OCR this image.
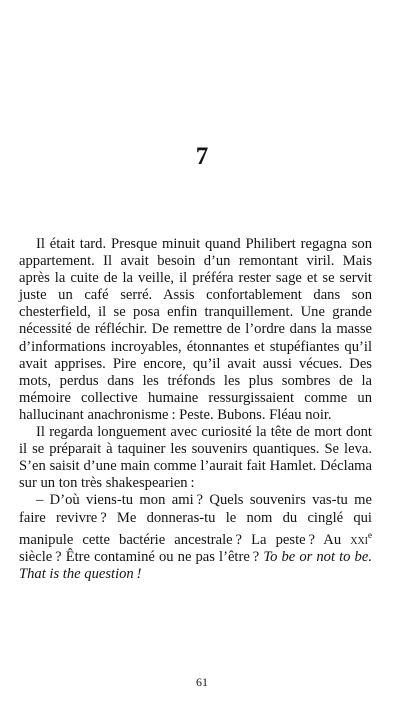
7

Il était tard. Presque minuit quand Philibert regagna son appartement. Il avait besoin d’un remontant viril. Mais après la cuite de la veille, il préféra rester sage et se servit juste un café serré. Assis confortablement dans son chesterfield, il se posa enfin tranquillement. Une grande nécessité de réfléchir. De remettre de l’ordre dans la masse d’informations incroyables, étonnantes et stupéfiantes qu’il avait apprises. Pire encore, qu’il avait aussi vécues. Des mots, perdus dans les tréfonds les plus sombres de la mémoire collective humaine ressurgissaient comme un hallucinant anachronisme : Peste. Bubons. Fléau noir.

Il regarda longuement avec curiosité la tête de mort dont il se préparait à taquiner les souvenirs quantiques. Se leva. S’en saisit d’une main comme l’aurait fait Hamlet. Déclama sur un ton très shakespearien :

– D’où viens-tu mon ami ? Quels souvenirs vas-tu me faire revivre ? Me donneras-tu le nom du cinglé qui manipule cette bactérie ancestrale ? La peste ? Au xxi$^e$ siècle ? Être contaminé ou ne pas l’être ? To be or not to be. That is the question !

61
